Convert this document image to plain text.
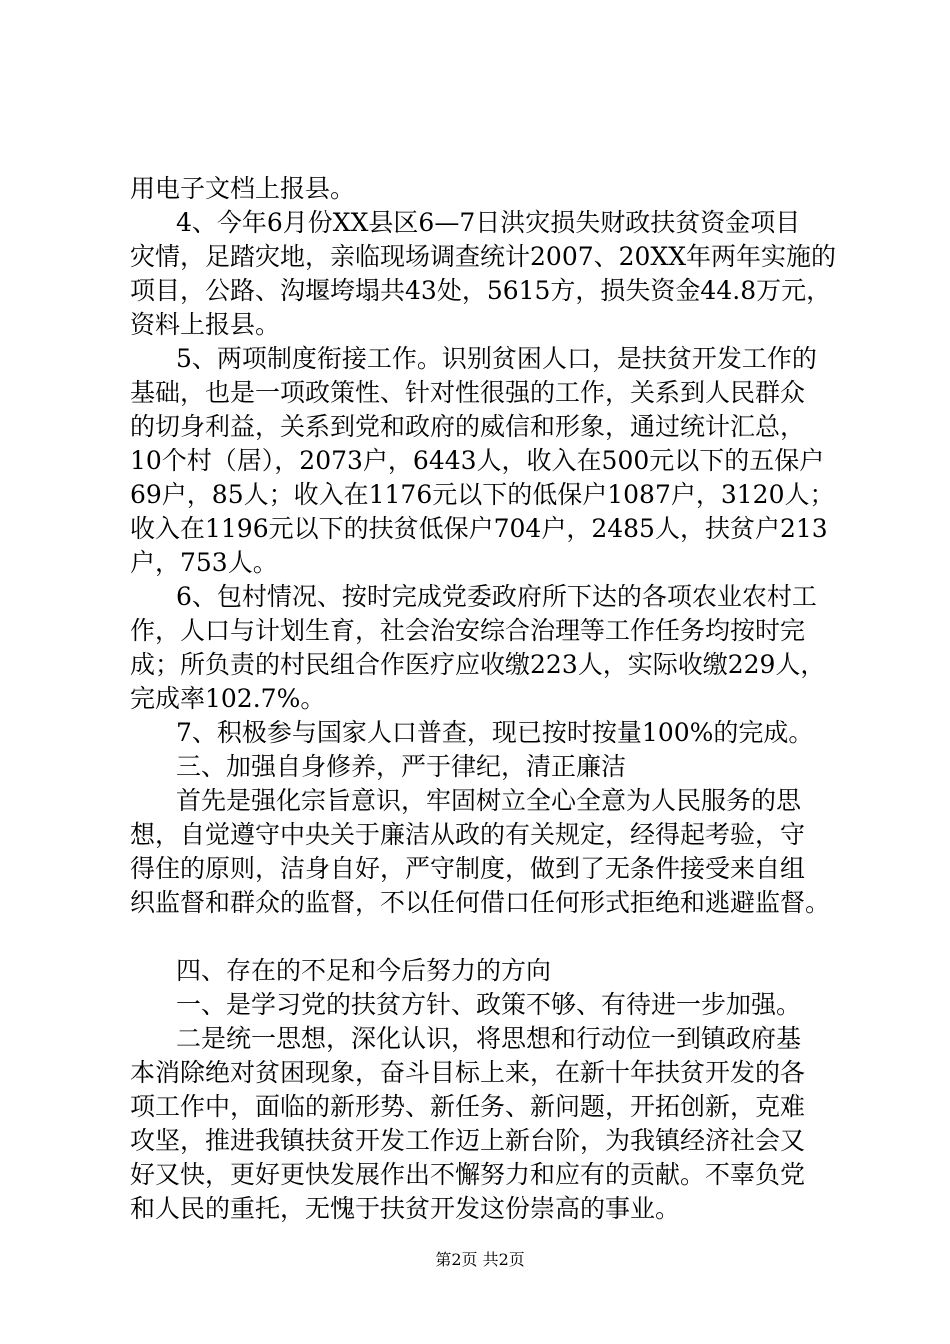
用电子文档上报县。
4、今年6月份XX县区6—7日洪灾损失财政扶贫资金项目
灾情，足踏灾地，亲临现场调查统计2007、20XX年两年实施的
项目，公路、沟堰垮塌共43处，5615方，损失资金44.8万元，
资料上报县。
5、两项制度衔接工作。识别贫困人口，是扶贫开发工作的
基础，也是一项政策性、针对性很强的工作，关系到人民群众
的切身利益，关系到党和政府的威信和形象，通过统计汇总，
10个村（居），2073户，6443人，收入在500元以下的五保户
69户，85人；收入在1176元以下的低保户1087户，3120人；
收入在1196元以下的扶贫低保户704户，2485人，扶贫户213
户，753人。
6、包村情况、按时完成党委政府所下达的各项农业农村工
作，人口与计划生育，社会治安综合治理等工作任务均按时完
成；所负责的村民组合作医疗应收缴223人，实际收缴229人，
完成率102.7%。
7、积极参与国家人口普查，现已按时按量100%的完成。
三、加强自身修养，严于律纪，清正廉洁
首先是强化宗旨意识，牢固树立全心全意为人民服务的思
想，自觉遵守中央关于廉洁从政的有关规定，经得起考验，守
得住的原则，洁身自好，严守制度，做到了无条件接受来自组
织监督和群众的监督，不以任何借口任何形式拒绝和逃避监督。
四、存在的不足和今后努力的方向
一、是学习党的扶贫方针、政策不够、有待进一步加强。
二是统一思想，深化认识，将思想和行动位一到镇政府基
本消除绝对贫困现象，奋斗目标上来，在新十年扶贫开发的各
项工作中，面临的新形势、新任务、新问题，开拓创新，克难
攻坚，推进我镇扶贫开发工作迈上新台阶，为我镇经济社会又
好又快，更好更快发展作出不懈努力和应有的贡献。不辜负党
和人民的重托，无愧于扶贫开发这份崇高的事业。

第2页 共2页
